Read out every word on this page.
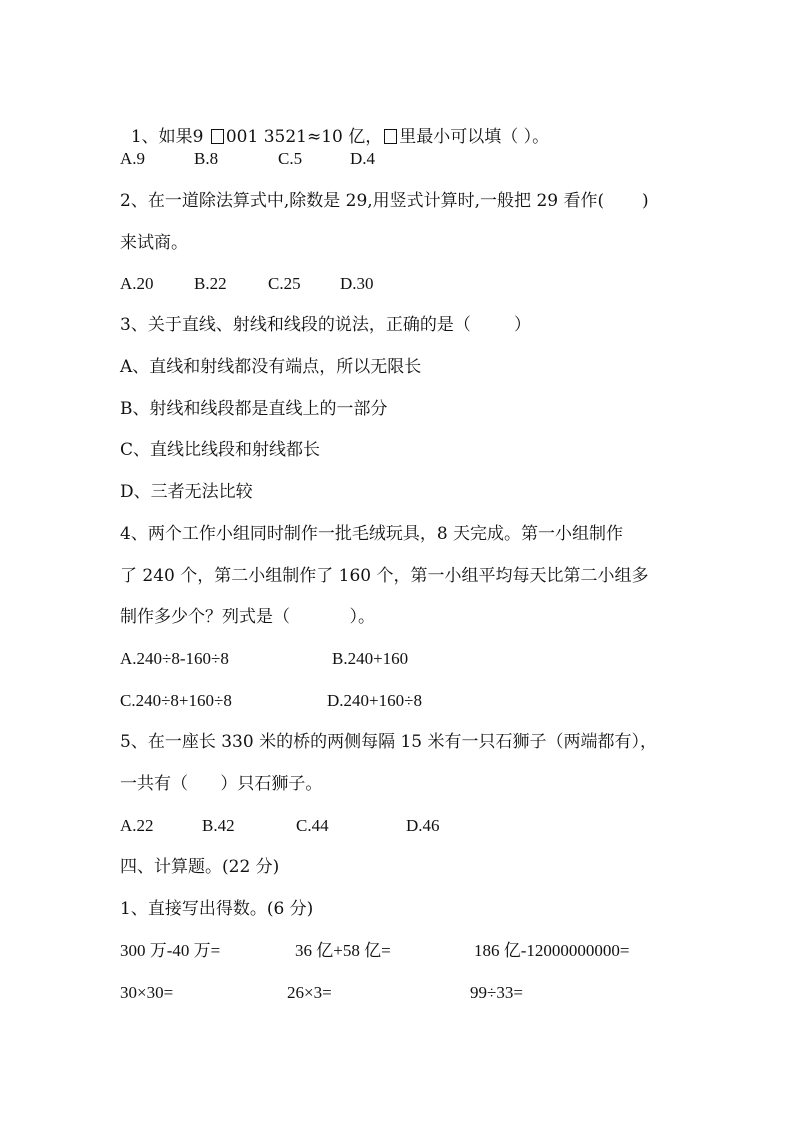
1、如果9 001 3521≈10 亿， 里最小可以填（ ）。

A.9	B.8	C.5	D.4
2、在一道除法算式中,除数是 29,用竖式计算时,一般把 29 看作(       )
来试商。
A.20 B.22 C.25 D.30
3、关于直线、射线和线段的说法，正确的是（        ）
A、直线和射线都没有端点，所以无限长
B、射线和线段都是直线上的一部分
C、直线比线段和射线都长
D、三者无法比较
4、两个工作小组同时制作一批毛绒玩具，8 天完成。第一小组制作
了 240 个，第二小组制作了 160 个，第一小组平均每天比第二小组多
制作多少个？列式是（           ）。
A.240÷8-160÷8	B.240+160
C.240÷8+160÷8	D.240+160÷8
5、在一座长 330 米的桥的两侧每隔 15 米有一只石狮子（两端都有），
一共有（      ）只石狮子。
A.22	B.42	C.44	D.46
四、计算题。(22 分)
1、直接写出得数。(6 分)
300 万-40 万=	36 亿+58 亿=	186 亿-12000000000=
30×30=	26×3=	99÷33=
